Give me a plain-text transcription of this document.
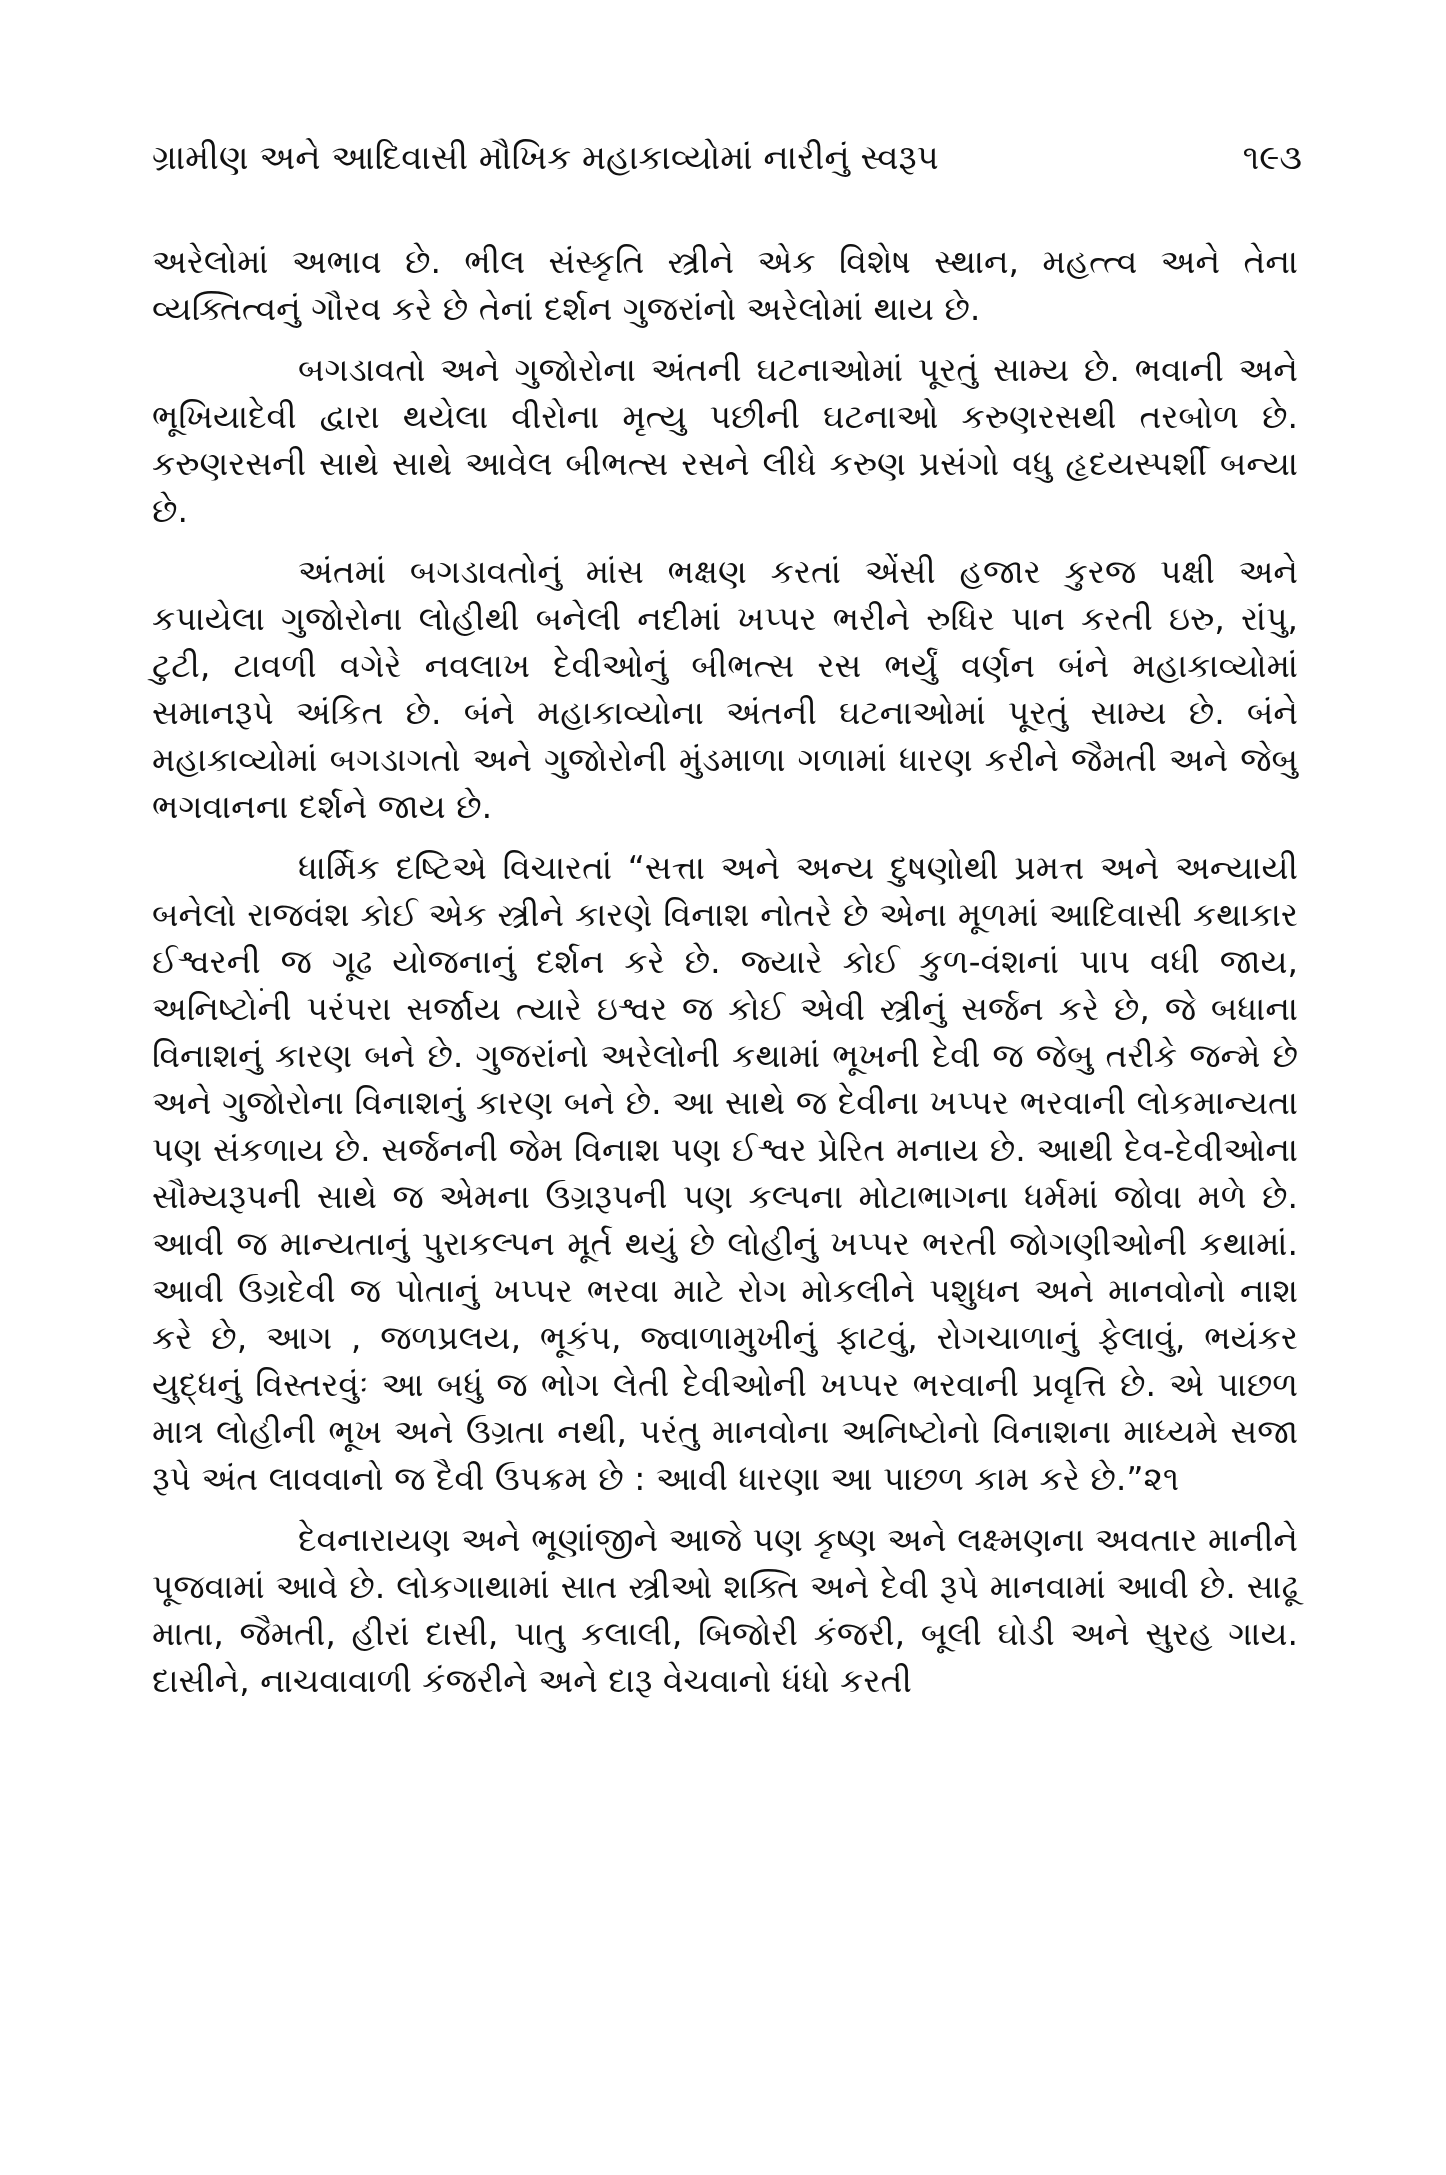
ગ્રામીણ અને આદિવાસી મૌખિક મહાકાવ્યોમાં નારીનું સ્વરૂપ	૧૯૩

અરેલોમાં અભાવ છે. ભીલ સંસ્કૃતિ સ્ત્રીને એક વિશેષ સ્થાન, મહત્ત્વ અને તેના વ્યક્તિત્વનું ગૌરવ કરે છે તેનાં દર્શન ગુજરાંનો અરેલોમાં થાય છે.

બગડાવતો અને ગુજોરોના અંતની ઘટનાઓમાં પૂરતું સામ્ય છે. ભવાની અને ભૂખિયાદેવી દ્વારા થયેલા વીરોના મૃત્યુ પછીની ઘટનાઓ કરુણરસથી તરબોળ છે. કરુણરસની સાથે સાથે આવેલ બીભત્સ રસને લીધે કરુણ પ્રસંગો વધુ હૃદયસ્પર્શી બન્યા છે.

અંતમાં બગડાવતોનું માંસ ભક્ષણ કરતાં એંસી હજાર કુરજ પક્ષી અને કપાયેલા ગુજોરોના લોહીથી બનેલી નદીમાં ખપ્પર ભરીને રુધિર પાન કરતી ઇરુ, રાંપુ, ટુટી, ટાવળી વગેરે નવલાખ દેવીઓનું બીભત્સ રસ ભર્યું વર્ણન બંને મહાકાવ્યોમાં સમાનરૂપે અંકિત છે. બંને મહાકાવ્યોના અંતની ઘટનાઓમાં પૂરતું સામ્ય છે. બંને મહાકાવ્યોમાં બગડાગતો અને ગુજોરોની મુંડમાળા ગળામાં ધારણ કરીને જૈમતી અને જેબુ ભગવાનના દર્શને જાય છે.

ધાર્મિક દષ્ટિએ વિચારતાં “સત્તા અને અન્ય દુષણોથી પ્રમત્ત અને અન્યાયી બનેલો રાજવંશ કોઈ એક સ્ત્રીને કારણે વિનાશ નોતરે છે એના મૂળમાં આદિવાસી કથાકાર ઈશ્વરની જ ગૂઢ યોજનાનું દર્શન કરે છે. જ્યારે કોઈ કુળ-વંશનાં પાપ વધી જાય, અનિષ્ટોની પરંપરા સર્જાય ત્યારે ઇશ્વર જ કોઈ એવી સ્ત્રીનું સર્જન કરે છે, જે બધાના વિનાશનું કારણ બને છે. ગુજરાંનો અરેલોની કથામાં ભૂખની દેવી જ જેબુ તરીકે જન્મે છે અને ગુજોરોના વિનાશનું કારણ બને છે. આ સાથે જ દેવીના ખપ્પર ભરવાની લોકમાન્યતા પણ સંકળાય છે. સર્જનની જેમ વિનાશ પણ ઈશ્વર પ્રેરિત મનાય છે. આથી દેવ-દેવીઓના સૌમ્યરૂપની સાથે જ એમના ઉગ્રરૂપની પણ કલ્પના મોટાભાગના ધર્મમાં જોવા મળે છે. આવી જ માન્યતાનું પુરાકલ્પન મૂર્ત થયું છે લોહીનું ખપ્પર ભરતી જોગણીઓની કથામાં. આવી ઉગ્રદેવી જ પોતાનું ખપ્પર ભરવા માટે રોગ મોકલીને પશુધન અને માનવોનો નાશ કરે છે, આગ , જળપ્રલય, ભૂકંપ, જ્વાળામુખીનું ફાટવું, રોગચાળાનું ફેલાવું, ભયંકર યુદ્ધનું વિસ્તરવુંઃ આ બધું જ ભોગ લેતી દેવીઓની ખપ્પર ભરવાની પ્રવૃત્તિ છે. એ પાછળ માત્ર લોહીની ભૂખ અને ઉગ્રતા નથી, પરંતુ માનવોના અનિષ્ટોનો વિનાશના માધ્યમે સજા રૂપે અંત લાવવાનો જ દૈવી ઉપક્રમ છે : આવી ધારણા આ પાછળ કામ કરે છે.”૨૧

દેવનારાયણ અને ભૂણાંજીને આજે પણ કૃષ્ણ અને લક્ષ્મણના અવતાર માનીને પૂજવામાં આવે છે. લોકગાથામાં સાત સ્ત્રીઓ શક્તિ અને દેવી રૂપે માનવામાં આવી છે. સાઢૂ માતા, જૈમતી, હીરાં દાસી, પાતુ કલાલી, બિજોરી કંજરી, બૂલી ઘોડી અને સુરહ ગાય. દાસીને, નાચવાવાળી કંજરીને અને દારૂ વેચવાનો ધંધો કરતી
